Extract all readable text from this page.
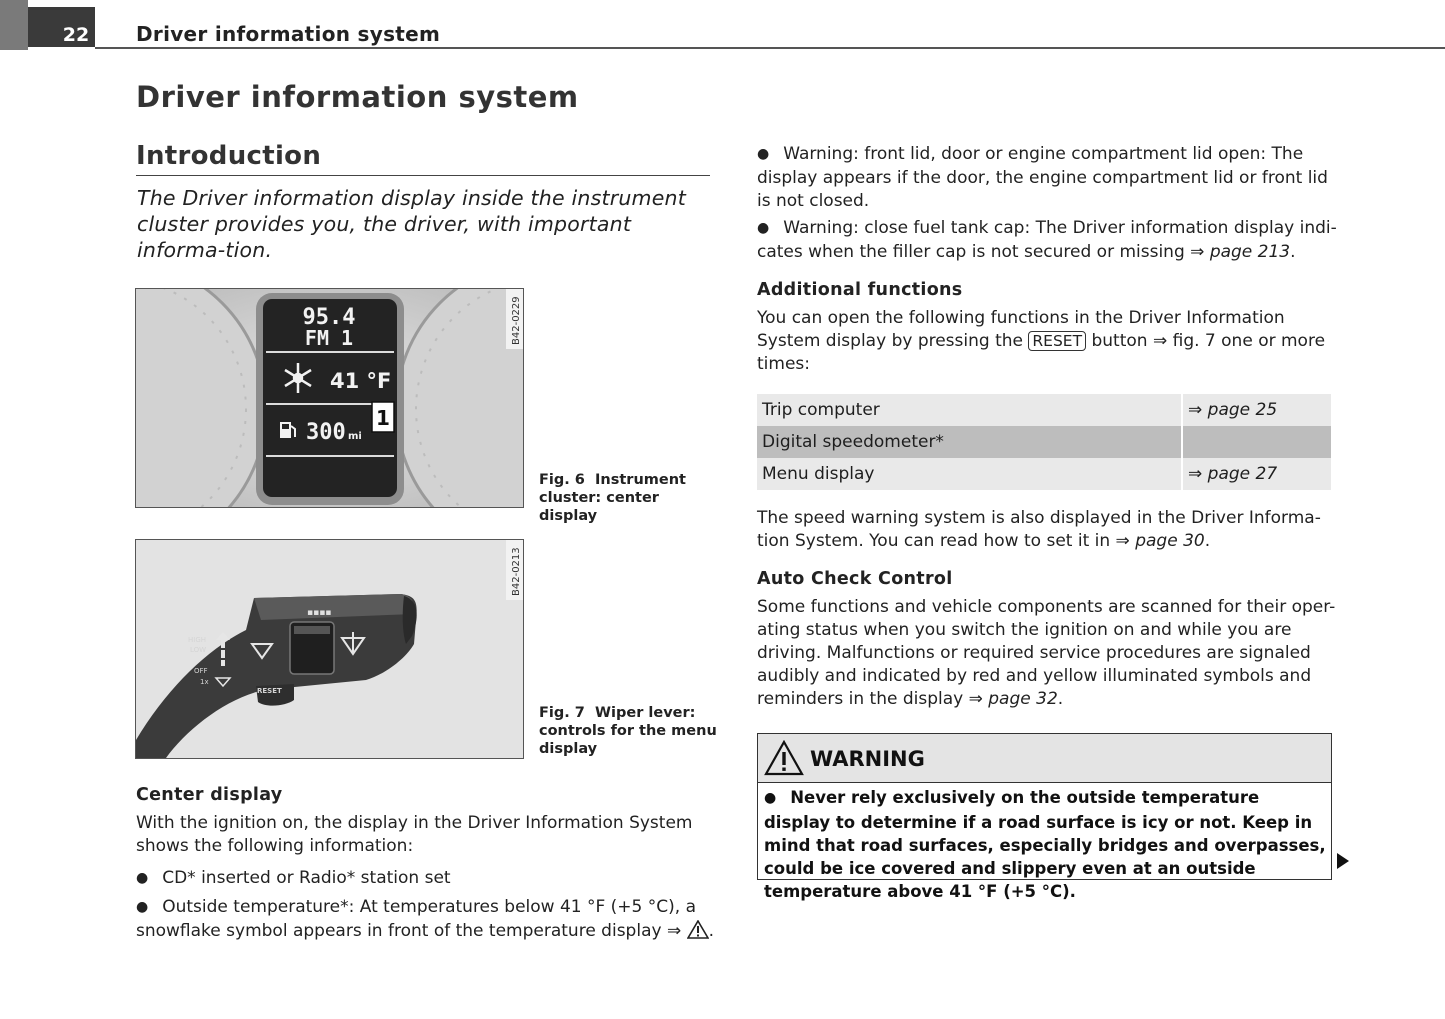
22 Driver information system
Driver information system
Introduction
The Driver information display inside the instrument cluster provides you, the driver, with important informa-tion.
95.4
FM 1
41 °F
300 mi
1
B42-0229
Fig. 6 Instrument cluster: center display
▪▪▪▪
HIGH
LOW
OFF
1x
RESET
B42-0213
Fig. 7 Wiper lever: controls for the menu display
Center display
With the ignition on, the display in the Driver Information System shows the following information:
● CD* inserted or Radio* station set
● Outside temperature*: At temperatures below 41 °F (+5 °C), a snowflake symbol appears in front of the temperature display ⇒ .
● Warning: front lid, door or engine compartment lid open: The display appears if the door, the engine compartment lid or front lid is not closed.
● Warning: close fuel tank cap: The Driver information display indi-cates when the filler cap is not secured or missing ⇒ page 213.
Additional functions
You can open the following functions in the Driver Information System display by pressing the RESET button ⇒ fig. 7 one or more times:
Trip computer	⇒ page 25
Digital speedometer*	
Menu display	⇒ page 27
The speed warning system is also displayed in the Driver Informa-tion System. You can read how to set it in ⇒ page 30.
Auto Check Control
Some functions and vehicle components are scanned for their oper-ating status when you switch the ignition on and while you are driving. Malfunctions or required service procedures are signaled audibly and indicated by red and yellow illuminated symbols and reminders in the display ⇒ page 32.
WARNING
● Never rely exclusively on the outside temperature display to determine if a road surface is icy or not. Keep in mind that road surfaces, especially bridges and overpasses, could be ice covered and slippery even at an outside temperature above 41 °F (+5 °C).
